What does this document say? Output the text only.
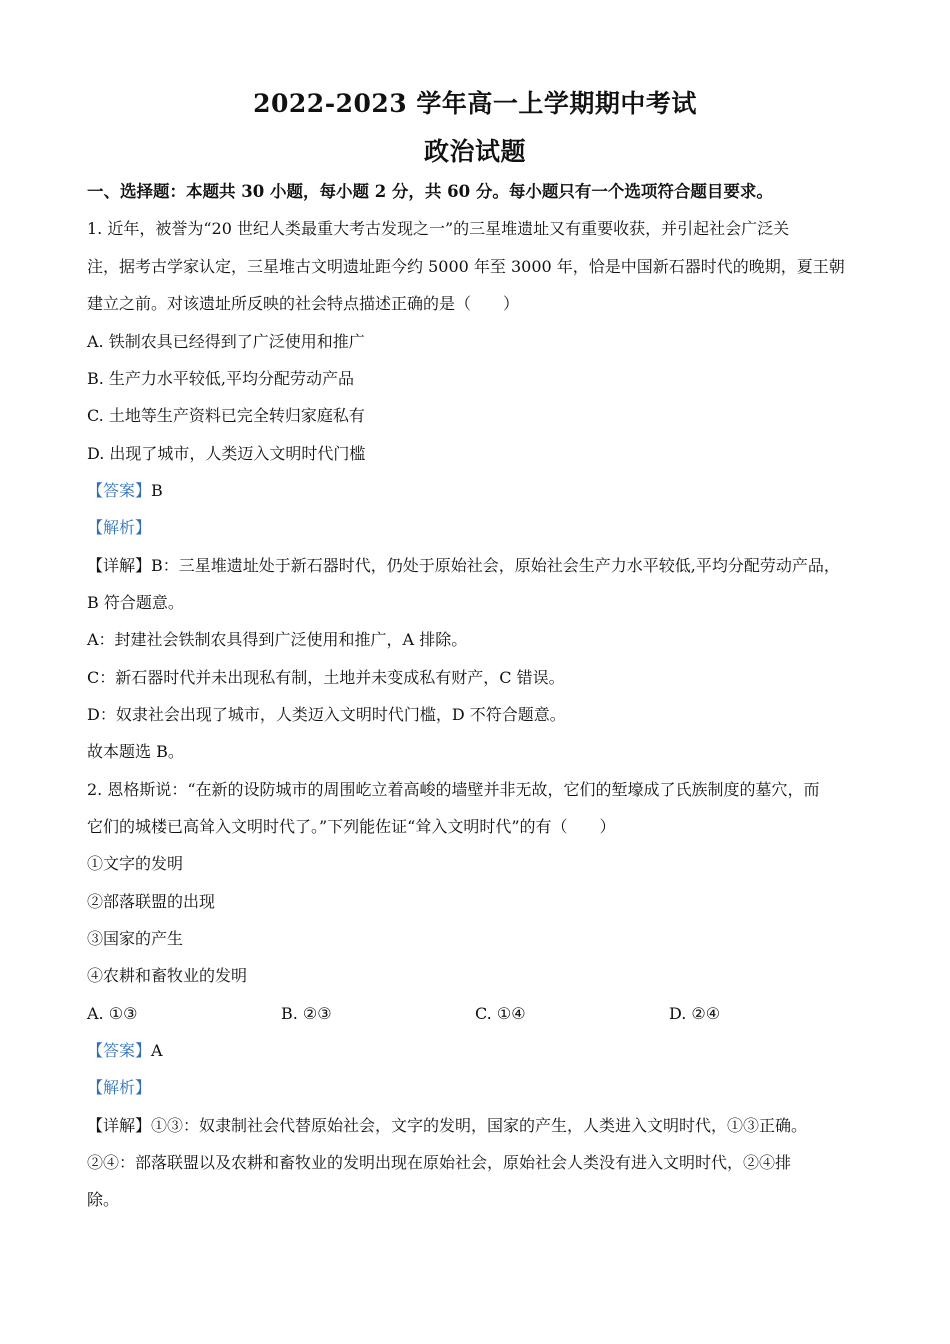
2022-2023 学年高一上学期期中考试
政治试题
一、选择题：本题共 30 小题，每小题 2 分，共 60 分。每小题只有一个选项符合题目要求。
1. 近年，被誉为“20 世纪人类最重大考古发现之一”的三星堆遗址又有重要收获，并引起社会广泛关
注，据考古学家认定，三星堆古文明遗址距今约 5000 年至 3000 年，恰是中国新石器时代的晚期，夏王朝
建立之前。对该遗址所反映的社会特点描述正确的是（　　）
A. 铁制农具已经得到了广泛使用和推广
B. 生产力水平较低,平均分配劳动产品
C. 土地等生产资料已完全转归家庭私有
D. 出现了城市，人类迈入文明时代门槛
【答案】B
【解析】
【详解】B：三星堆遗址处于新石器时代，仍处于原始社会，原始社会生产力水平较低,平均分配劳动产品，
B 符合题意。
A：封建社会铁制农具得到广泛使用和推广，A 排除。
C：新石器时代并未出现私有制，土地并未变成私有财产，C 错误。
D：奴隶社会出现了城市，人类迈入文明时代门槛，D 不符合题意。
故本题选 B。
2. 恩格斯说：“在新的设防城市的周围屹立着高峻的墙壁并非无故，它们的堑壕成了氏族制度的墓穴，而
它们的城楼已高耸入文明时代了。”下列能佐证“耸入文明时代”的有（　　）
①文字的发明
②部落联盟的出现
③国家的产生
④农耕和畜牧业的发明
A. ①③	B. ②③	C. ①④	D. ②④
【答案】A
【解析】
【详解】①③：奴隶制社会代替原始社会，文字的发明，国家的产生，人类进入文明时代，①③正确。
②④：部落联盟以及农耕和畜牧业的发明出现在原始社会，原始社会人类没有进入文明时代，②④排
除。
